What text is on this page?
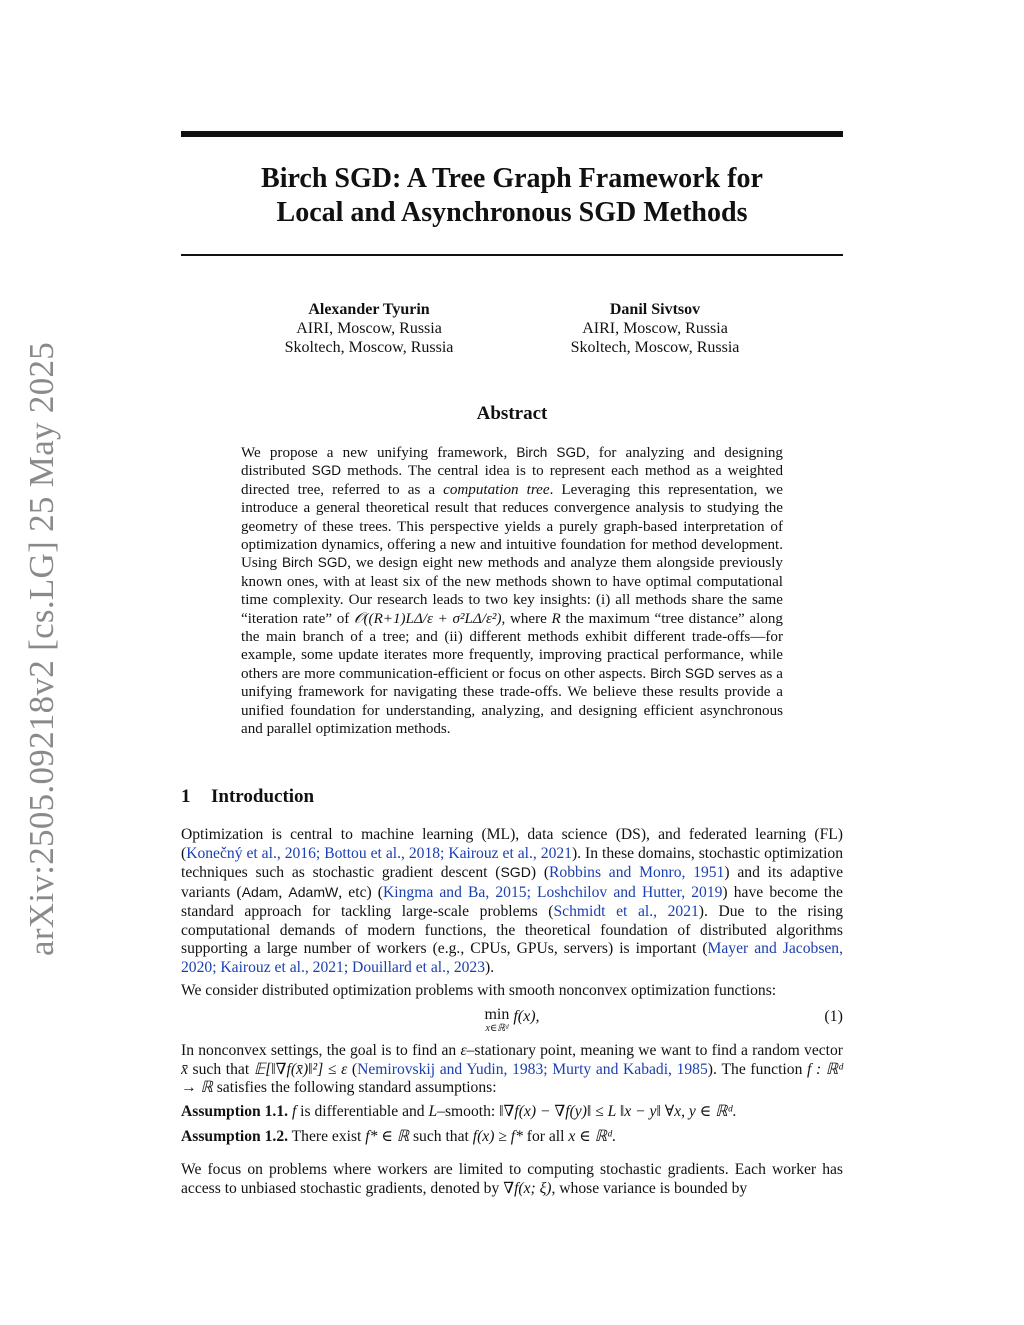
arXiv:2505.09218v2 [cs.LG] 25 May 2025
Birch SGD: A Tree Graph Framework for
Local and Asynchronous SGD Methods
Alexander Tyurin
AIRI, Moscow, Russia
Skoltech, Moscow, Russia
Danil Sivtsov
AIRI, Moscow, Russia
Skoltech, Moscow, Russia
Abstract

We propose a new unifying framework, Birch SGD, for analyzing and designing distributed SGD methods. The central idea is to represent each method as a weighted directed tree, referred to as a computation tree. Leveraging this representation, we introduce a general theoretical result that reduces convergence analysis to studying the geometry of these trees. This perspective yields a purely graph-based interpretation of optimization dynamics, offering a new and intuitive foundation for method development. Using Birch SGD, we design eight new methods and analyze them alongside previously known ones, with at least six of the new methods shown to have optimal computational time complexity. Our research leads to two key insights: (i) all methods share the same “iteration rate” of 𝒪((R+1)LΔ/ε + σ²LΔ/ε²), where R the maximum “tree distance” along the main branch of a tree; and (ii) different methods exhibit different trade-offs—for example, some update iterates more frequently, improving practical performance, while others are more communication-efficient or focus on other aspects. Birch SGD serves as a unifying framework for navigating these trade-offs. We believe these results provide a unified foundation for understanding, analyzing, and designing efficient asynchronous and parallel optimization methods.

1 Introduction

Optimization is central to machine learning (ML), data science (DS), and federated learning (FL) (Konečný et al., 2016; Bottou et al., 2018; Kairouz et al., 2021). In these domains, stochastic optimization techniques such as stochastic gradient descent (SGD) (Robbins and Monro, 1951) and its adaptive variants (Adam, AdamW, etc) (Kingma and Ba, 2015; Loshchilov and Hutter, 2019) have become the standard approach for tackling large-scale problems (Schmidt et al., 2021). Due to the rising computational demands of modern functions, the theoretical foundation of distributed algorithms supporting a large number of workers (e.g., CPUs, GPUs, servers) is important (Mayer and Jacobsen, 2020; Kairouz et al., 2021; Douillard et al., 2023).

We consider distributed optimization problems with smooth nonconvex optimization functions:

min
x∈ℝᵈ
f(x),	(1)

In nonconvex settings, the goal is to find an ε–stationary point, meaning we want to find a random vector x̄ such that 𝔼[‖∇f(x̄)‖²] ≤ ε (Nemirovskij and Yudin, 1983; Murty and Kabadi, 1985). The function f : ℝᵈ → ℝ satisfies the following standard assumptions:

Assumption 1.1. f is differentiable and L–smooth: ‖∇f(x) − ∇f(y)‖ ≤ L ‖x − y‖ ∀x, y ∈ ℝᵈ.

Assumption 1.2. There exist f* ∈ ℝ such that f(x) ≥ f* for all x ∈ ℝᵈ.

We focus on problems where workers are limited to computing stochastic gradients. Each worker has access to unbiased stochastic gradients, denoted by ∇f(x; ξ), whose variance is bounded by
